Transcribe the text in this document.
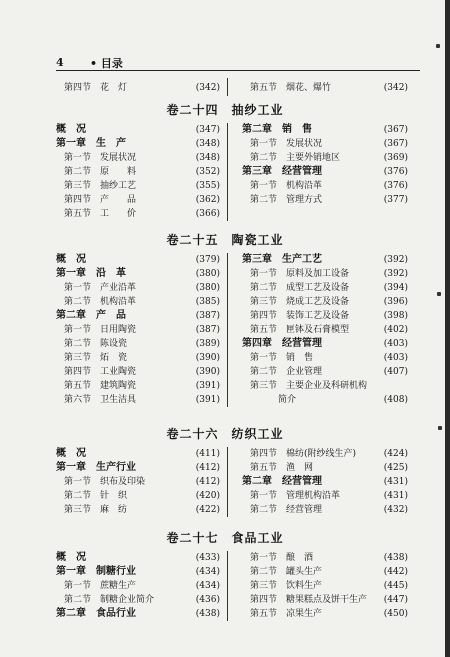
4 • 目录
第四节　花　灯	(342)	第五节　烟花、爆竹	(342)
卷二十四　抽纱工业
概　况	(347)
第一章　生　产	(348)
第一节　发展状况	(348)
第二节　原　　料	(352)
第三节　抽纱工艺	(355)
第四节　产　　品	(362)
第五节　工　　价	(366)
第二章　销　售	(367)
第一节　发展状况	(367)
第二节　主要外销地区	(369)
第三章　经营管理	(376)
第一节　机构沿革	(376)
第二节　管理方式	(377)
卷二十五　陶瓷工业
概　况	(379)
第一章　沿　革	(380)
第一节　产业沿革	(380)
第二节　机构沿革	(385)
第二章　产　品	(387)
第一节　日用陶瓷	(387)
第二节　陈设瓷	(389)
第三节　炻　瓷	(390)
第四节　工业陶瓷	(390)
第五节　建筑陶瓷	(391)
第六节　卫生洁具	(391)
第三章　生产工艺	(392)
第一节　原料及加工设备	(392)
第二节　成型工艺及设备	(394)
第三节　烧成工艺及设备	(396)
第四节　装饰工艺及设备	(398)
第五节　匣钵及石膏模型	(402)
第四章　经营管理	(403)
第一节　销　售	(403)
第二节　企业管理	(407)
第三节　主要企业及科研机构
简介	(408)
卷二十六　纺织工业
概　况	(411)
第一章　生产行业	(412)
第一节　织布及印染	(412)
第二节　针　织	(420)
第三节　麻　纺	(422)
第四节　棉纺(附纱线生产)	(424)
第五节　渔　网	(425)
第二章　经营管理	(431)
第一节　管理机构沿革	(431)
第二节　经营管理	(432)
卷二十七　食品工业
概　况	(433)
第一章　制糖行业	(434)
第一节　蔗糖生产	(434)
第二节　制糖企业简介	(436)
第二章　食品行业	(438)
第一节　酿　酒	(438)
第二节　罐头生产	(442)
第三节　饮料生产	(445)
第四节　糖果糕点及饼干生产 (447)
第五节　凉果生产	(450)
